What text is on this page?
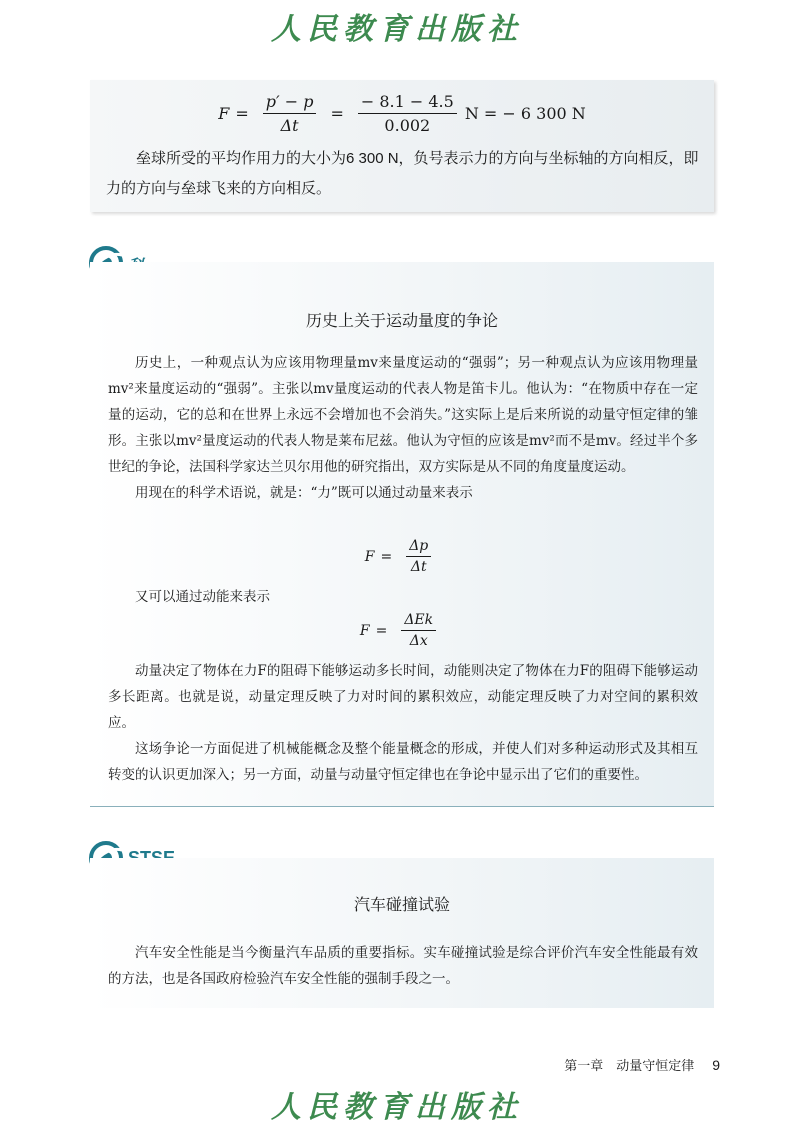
人民教育出版社
$F = \frac{p' - p}{\Delta t} = \frac{- 8.1 - 4.5}{0.002}$ N = − 6 300 N

垒球所受的平均作用力的大小为6 300 N，负号表示力的方向与坐标轴的方向相反，即力的方向与垒球飞来的方向相反。

历史上关于运动量度的争论

历史上，一种观点认为应该用物理量mv来量度运动的“强弱”；另一种观点认为应该用物理量mv²来量度运动的“强弱”。主张以mv量度运动的代表人物是笛卡儿。他认为：“在物质中存在一定量的运动，它的总和在世界上永远不会增加也不会消失。”这实际上是后来所说的动量守恒定律的雏形。主张以mv²量度运动的代表人物是莱布尼兹。他认为守恒的应该是mv²而不是mv。经过半个多世纪的争论，法国科学家达兰贝尔用他的研究指出，双方实际是从不同的角度量度运动。

用现在的科学术语说，就是：“力”既可以通过动量来表示

$F = \frac{\Delta p}{\Delta t}$

又可以通过动能来表示

$F = \frac{\text{ΔEk}}{\Delta x}$

动量决定了物体在力F的阻碍下能够运动多长时间，动能则决定了物体在力F的阻碍下能够运动多长距离。也就是说，动量定理反映了力对时间的累积效应，动能定理反映了力对空间的累积效应。

这场争论一方面促进了机械能概念及整个能量概念的形成，并使人们对多种运动形式及其相互转变的认识更加深入；另一方面，动量与动量守恒定律也在争论中显示出了它们的重要性。

汽车碰撞试验

汽车安全性能是当今衡量汽车品质的重要指标。实车碰撞试验是综合评价汽车安全性能最有效的方法，也是各国政府检验汽车安全性能的强制手段之一。

第一章　动量守恒定律 9
人民教育出版社
